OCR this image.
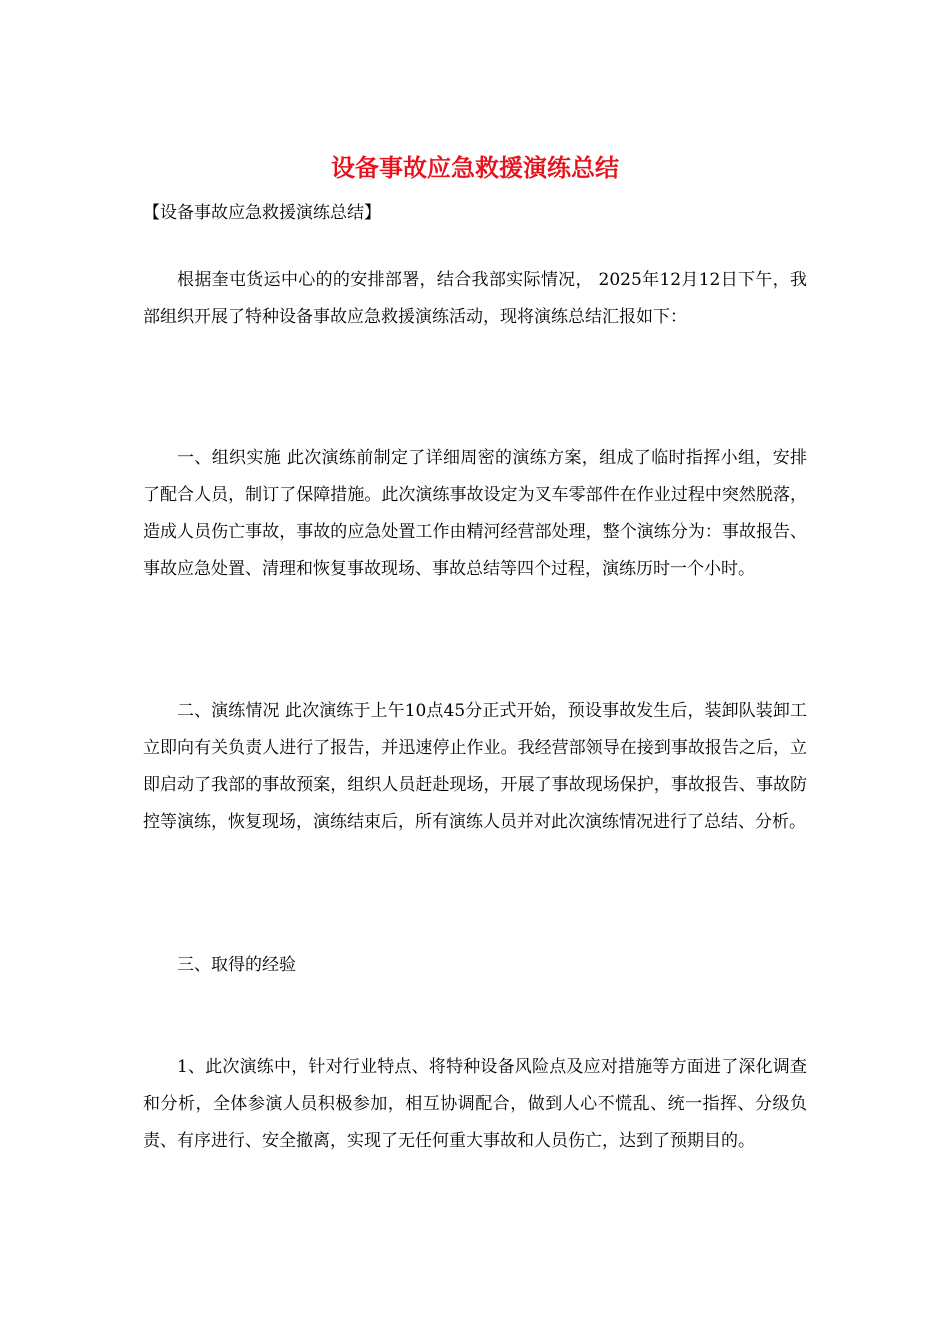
设备事故应急救援演练总结

【设备事故应急救援演练总结】

根据奎屯货运中心的的安排部署，结合我部实际情况， 2025年12月12日下午，我部组织开展了特种设备事故应急救援演练活动，现将演练总结汇报如下：

一、组织实施 此次演练前制定了详细周密的演练方案，组成了临时指挥小组，安排了配合人员，制订了保障措施。此次演练事故设定为叉车零部件在作业过程中突然脱落，造成人员伤亡事故，事故的应急处置工作由精河经营部处理，整个演练分为：事故报告、事故应急处置、清理和恢复事故现场、事故总结等四个过程，演练历时一个小时。

二、演练情况 此次演练于上午10点45分正式开始，预设事故发生后，装卸队装卸工立即向有关负责人进行了报告，并迅速停止作业。我经营部领导在接到事故报告之后，立即启动了我部的事故预案，组织人员赶赴现场，开展了事故现场保护，事故报告、事故防控等演练，恢复现场，演练结束后，所有演练人员并对此次演练情况进行了总结、分析。

三、取得的经验

1、此次演练中，针对行业特点、将特种设备风险点及应对措施等方面进了深化调查和分析，全体参演人员积极参加，相互协调配合，做到人心不慌乱、统一指挥、分级负责、有序进行、安全撤离，实现了无任何重大事故和人员伤亡，达到了预期目的。
